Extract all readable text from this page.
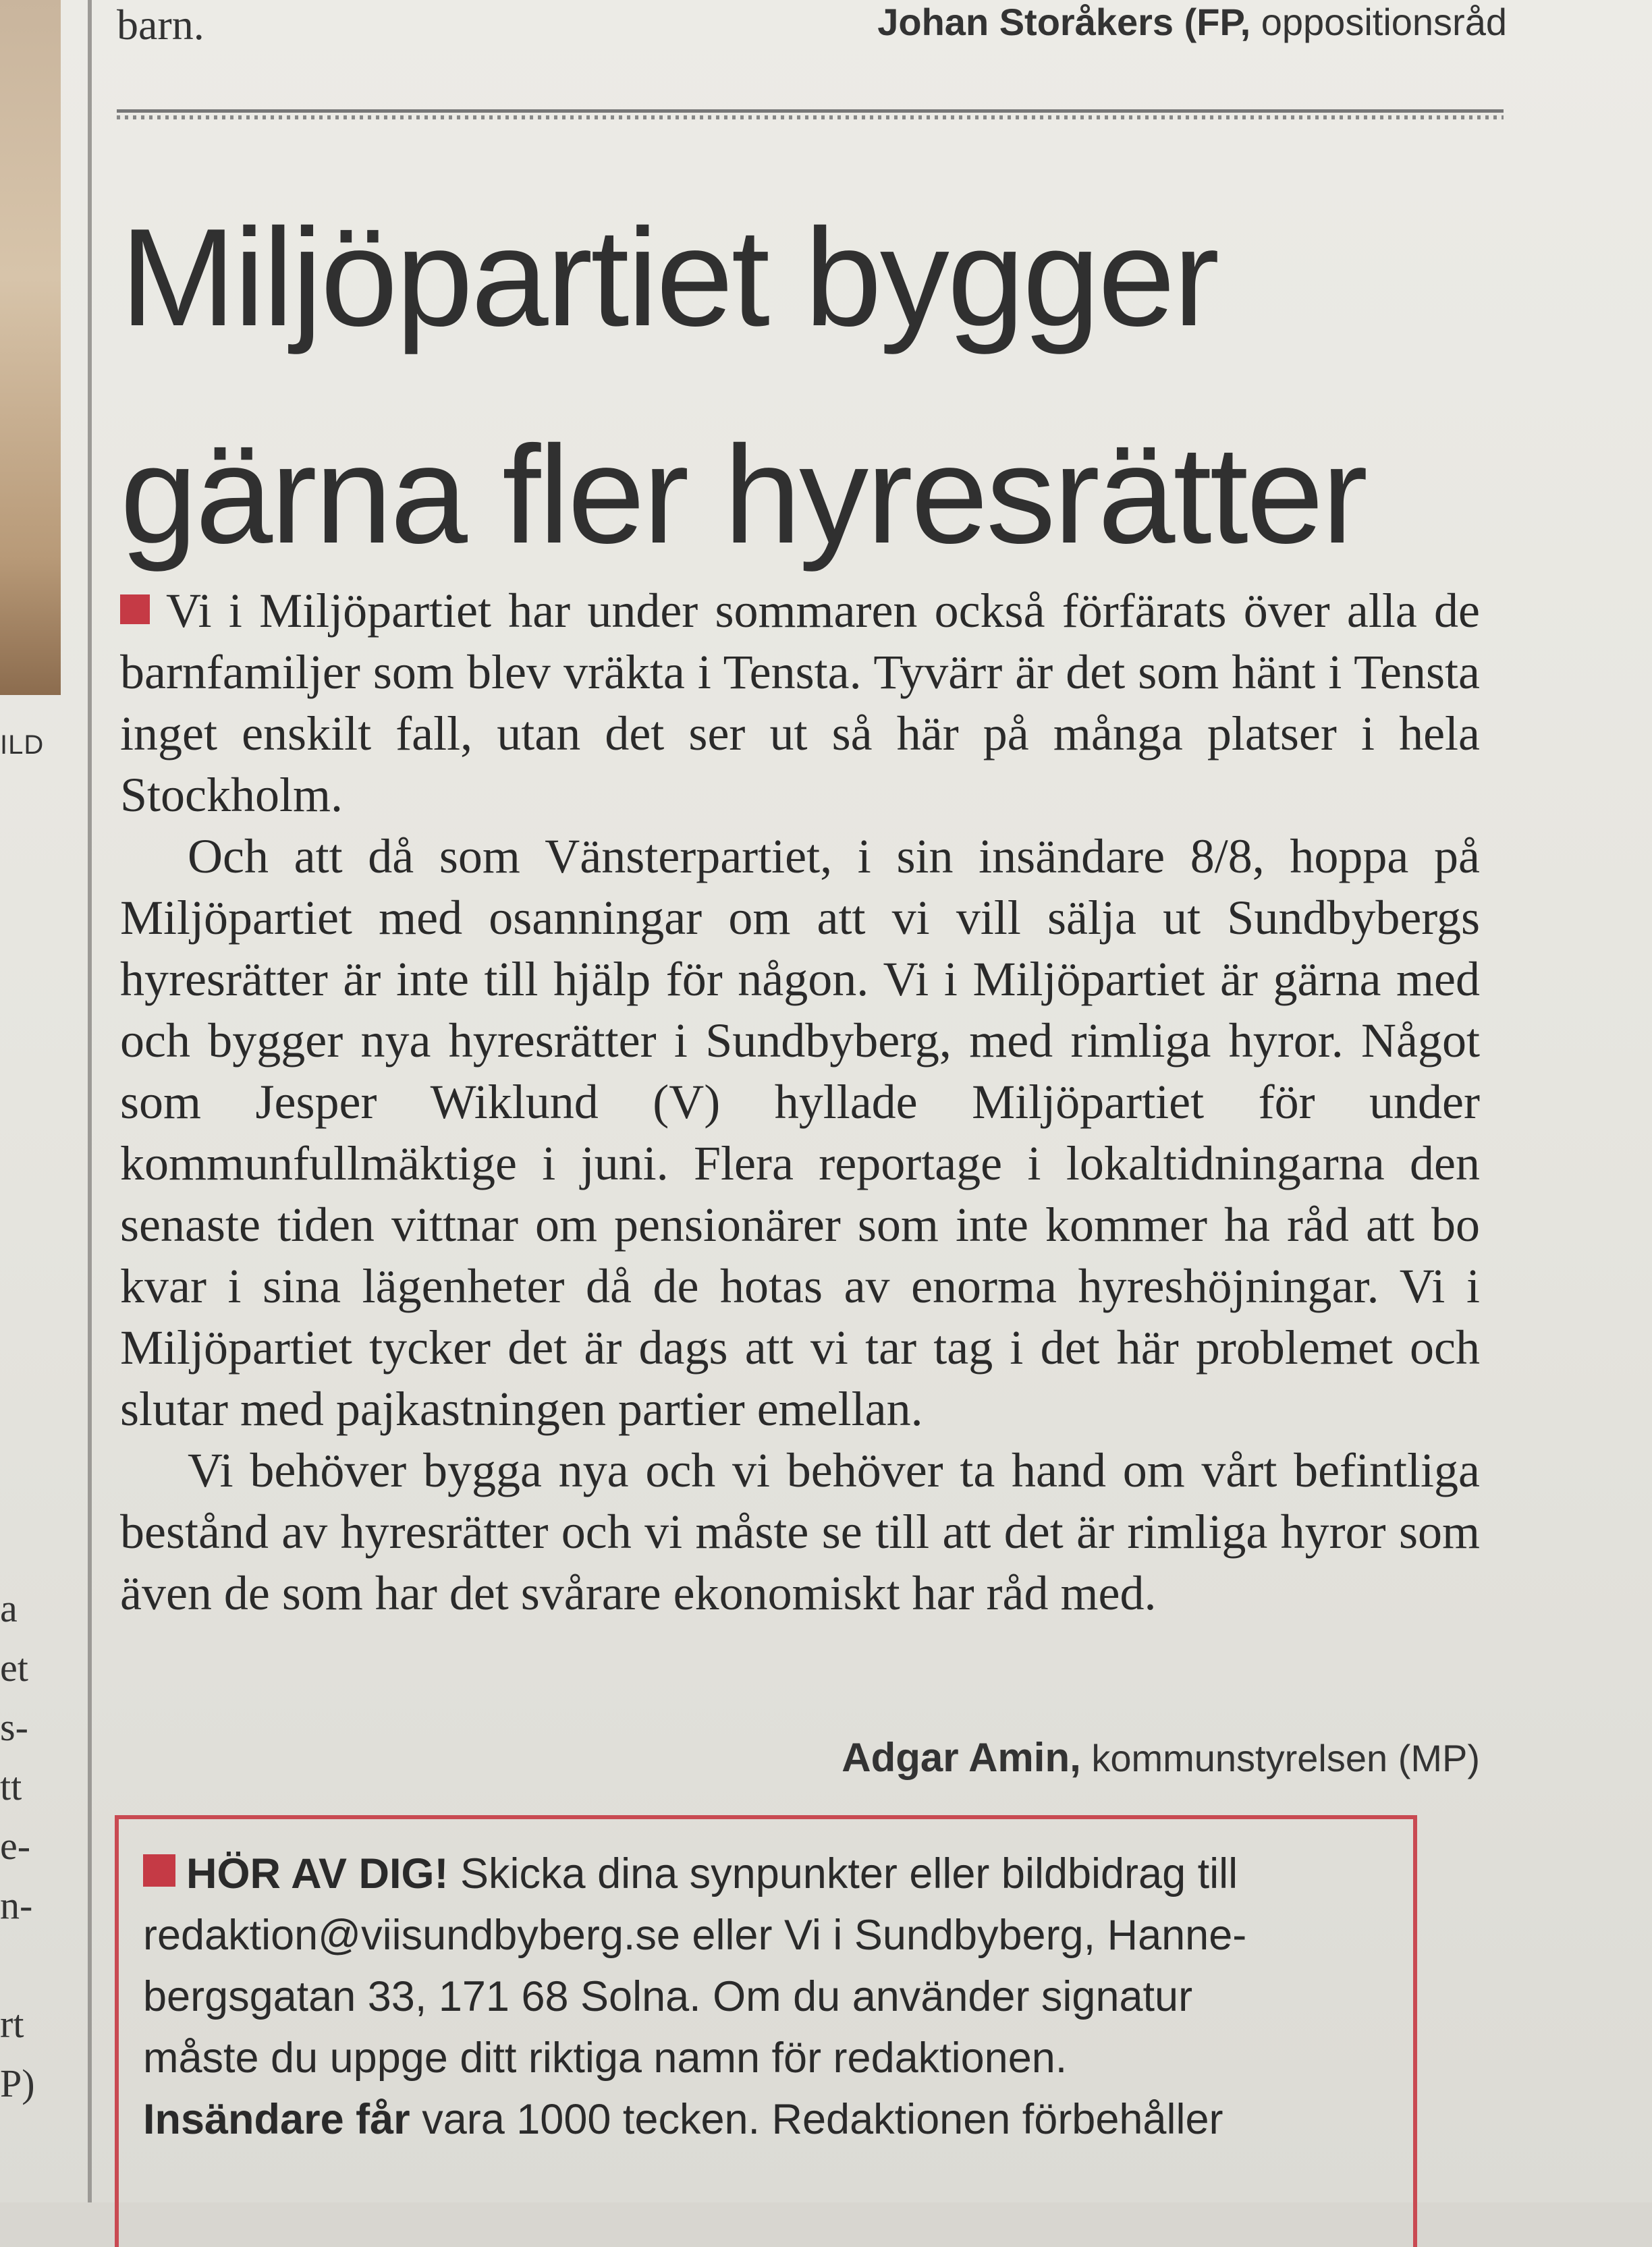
ILD
a
et
s-
tt
e-
n-
rt
P)
barn.	Johan Storåkers (FP, oppositionsråd
Miljöpartiet bygger
gärna fler hyresrätter

Vi i Miljöpartiet har under sommaren också förfärats över alla de barnfamiljer som blev vräkta i Tensta. Tyvärr är det som hänt i Tensta inget enskilt fall, utan det ser ut så här på många platser i hela Stockholm.

Och att då som Vänsterpartiet, i sin insändare 8/8, hoppa på Miljöpartiet med osanningar om att vi vill sälja ut Sundbybergs hyresrätter är inte till hjälp för någon. Vi i Miljöpartiet är gärna med och bygger nya hyresrätter i Sundbyberg, med rimliga hyror. Något som Jesper Wiklund (V) hyllade Miljöpartiet för under kommunfullmäktige i juni. Flera reportage i lokaltidningarna den senaste tiden vittnar om pensionärer som inte kommer ha råd att bo kvar i sina lägenheter då de hotas av enorma hyreshöjningar. Vi i Miljöpartiet tycker det är dags att vi tar tag i det här problemet och slutar med pajkastningen partier emellan.

Vi behöver bygga nya och vi behöver ta hand om vårt befintliga bestånd av hyresrätter och vi måste se till att det är rimliga hyror som även de som har det svårare ekonomiskt har råd med.

Adgar Amin, kommunstyrelsen (MP)
HÖR AV DIG! Skicka dina synpunkter eller bildbidrag till
redaktion@viisundbyberg.se eller Vi i Sundbyberg, Hanne-
bergsgatan 33, 171 68 Solna. Om du använder signatur
måste du uppge ditt riktiga namn för redaktionen.
Insändare får vara 1000 tecken. Redaktionen förbehåller
